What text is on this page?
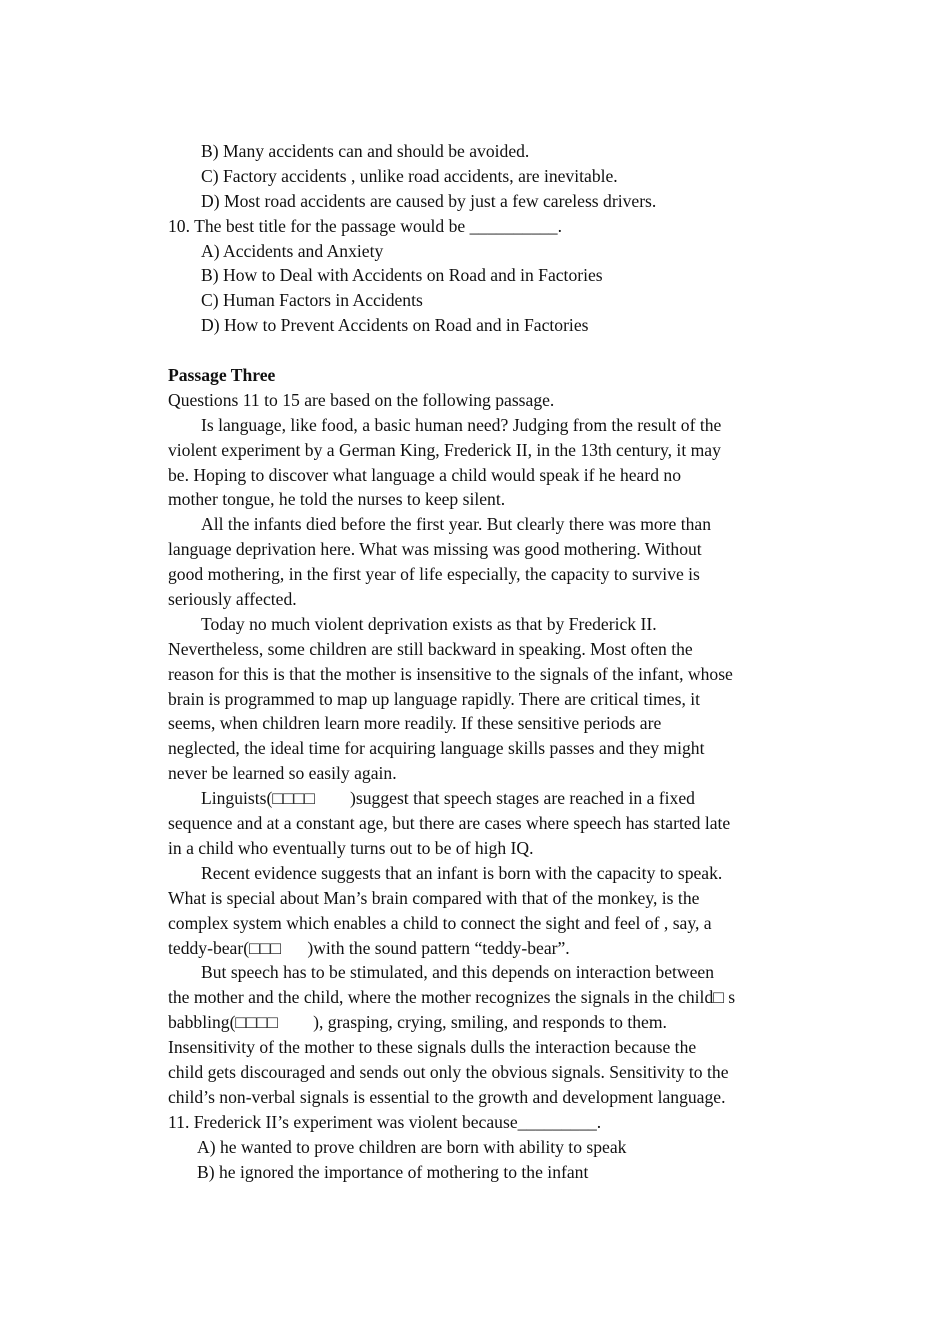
B) Many accidents can and should be avoided.
C) Factory accidents , unlike road accidents, are inevitable.
D) Most road accidents are caused by just a few careless drivers.
10. The best title for the passage would be __________.
A) Accidents and Anxiety
B) How to Deal with Accidents on Road and in Factories
C) Human Factors in Accidents
D) How to Prevent Accidents on Road and in Factories
Passage Three
Questions 11 to 15 are based on the following passage.
Is language, like food, a basic human need? Judging from the result of the
violent experiment by a German King, Frederick II, in the 13th century, it may
be. Hoping to discover what language a child would speak if he heard no
mother tongue, he told the nurses to keep silent.
All the infants died before the first year. But clearly there was more than
language deprivation here. What was missing was good mothering. Without
good mothering, in the first year of life especially, the capacity to survive is
seriously affected.
Today no much violent deprivation exists as that by Frederick II.
Nevertheless, some children are still backward in speaking. Most often the
reason for this is that the mother is insensitive to the signals of the infant, whose
brain is programmed to map up language rapidly. There are critical times, it
seems, when children learn more readily. If these sensitive periods are
neglected, the ideal time for acquiring language skills passes and they might
never be learned so easily again.
Linguists(□□□□        )suggest that speech stages are reached in a fixed
sequence and at a constant age, but there are cases where speech has started late
in a child who eventually turns out to be of high IQ.
Recent evidence suggests that an infant is born with the capacity to speak.
What is special about Man’s brain compared with that of the monkey, is the
complex system which enables a child to connect the sight and feel of , say, a
teddy-bear(□□□      )with the sound pattern “teddy-bear”.
But speech has to be stimulated, and this depends on interaction between
the mother and the child, where the mother recognizes the signals in the child□ s
babbling(□□□□        ), grasping, crying, smiling, and responds to them.
Insensitivity of the mother to these signals dulls the interaction because the
child gets discouraged and sends out only the obvious signals. Sensitivity to the
child’s non-verbal signals is essential to the growth and development language.
11. Frederick II’s experiment was violent because_________.
A) he wanted to prove children are born with ability to speak
B) he ignored the importance of mothering to the infant
